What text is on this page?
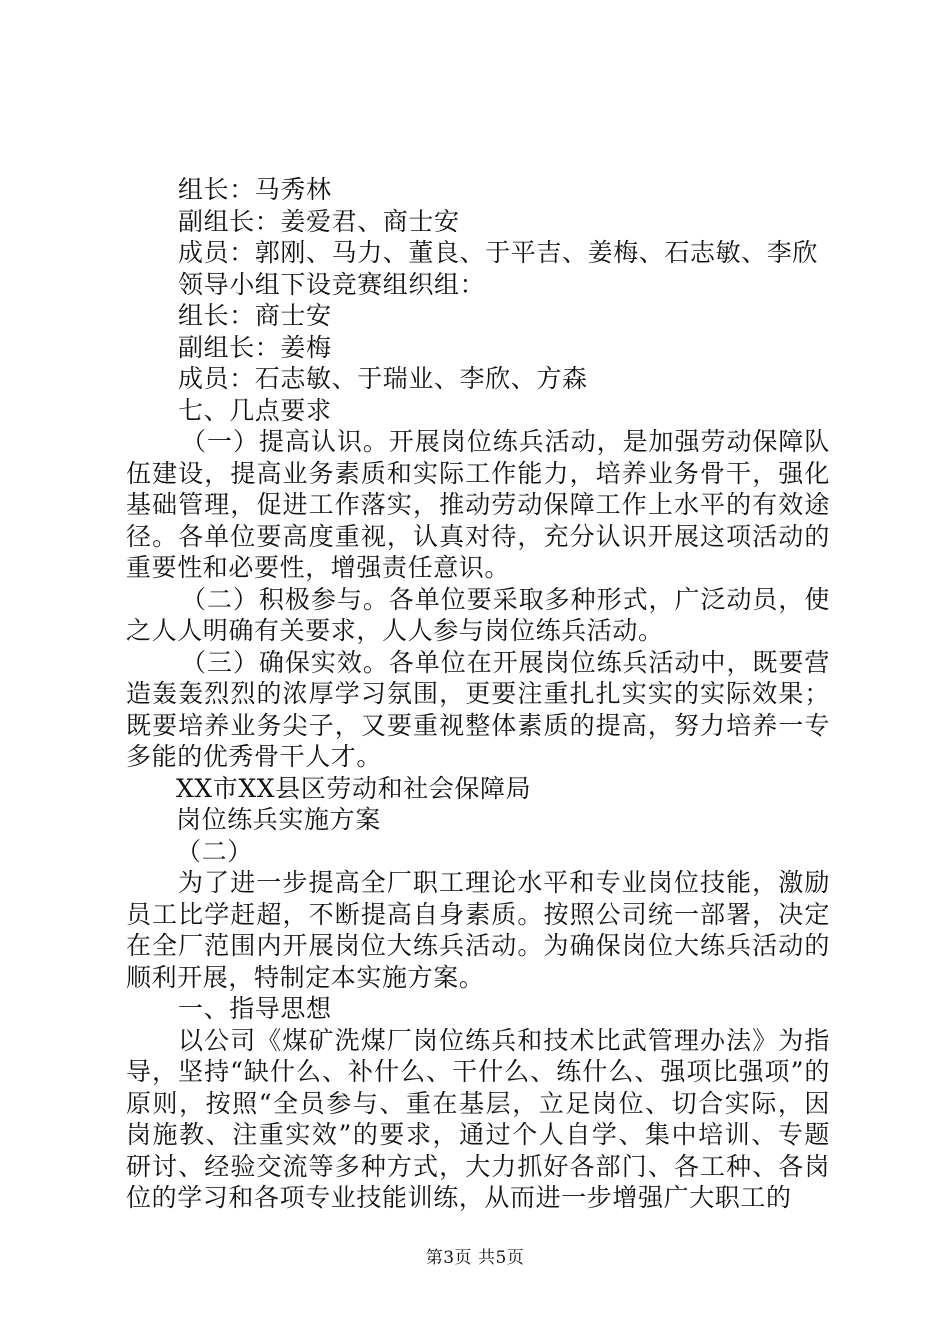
组长：马秀林
副组长：姜爱君、商士安
成员：郭刚、马力、董良、于平吉、姜梅、石志敏、李欣
领导小组下设竞赛组织组：
组长：商士安
副组长：姜梅
成员：石志敏、于瑞业、李欣、方森
七、几点要求
（一）提高认识。开展岗位练兵活动，是加强劳动保障队伍建设，提高业务素质和实际工作能力，培养业务骨干，强化基础管理，促进工作落实，推动劳动保障工作上水平的有效途径。各单位要高度重视，认真对待，充分认识开展这项活动的重要性和必要性，增强责任意识。
（二）积极参与。各单位要采取多种形式，广泛动员，使之人人明确有关要求，人人参与岗位练兵活动。
（三）确保实效。各单位在开展岗位练兵活动中，既要营造轰轰烈烈的浓厚学习氛围，更要注重扎扎实实的实际效果；既要培养业务尖子，又要重视整体素质的提高，努力培养一专多能的优秀骨干人才。
XX市XX县区劳动和社会保障局
岗位练兵实施方案
（二）
为了进一步提高全厂职工理论水平和专业岗位技能，激励员工比学赶超，不断提高自身素质。按照公司统一部署，决定在全厂范围内开展岗位大练兵活动。为确保岗位大练兵活动的顺利开展，特制定本实施方案。
一、指导思想
以公司《煤矿洗煤厂岗位练兵和技术比武管理办法》为指导，坚持“缺什么、补什么、干什么、练什么、强项比强项”的原则，按照“全员参与、重在基层，立足岗位、切合实际，因岗施教、注重实效”的要求，通过个人自学、集中培训、专题研讨、经验交流等多种方式，大力抓好各部门、各工种、各岗位的学习和各项专业技能训练，从而进一步增强广大职工的
第3页 共5页
